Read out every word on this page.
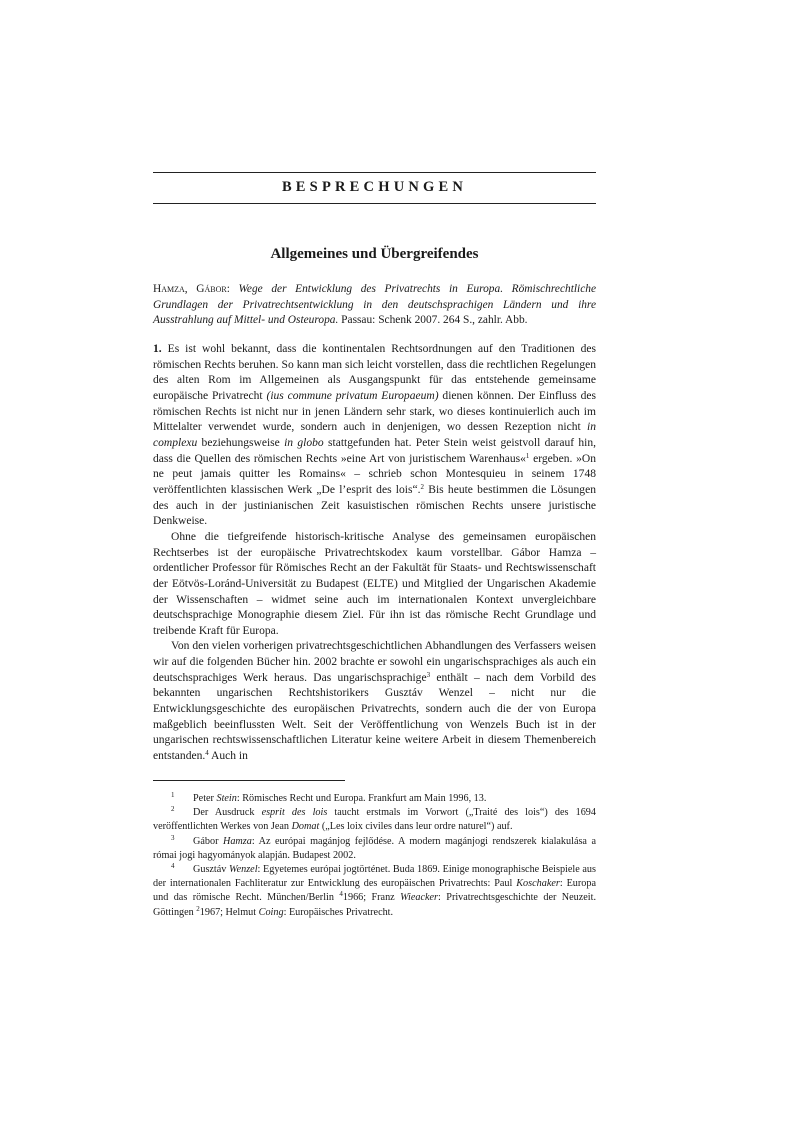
BESPRECHUNGEN
Allgemeines und Übergreifendes
Hamza, Gábor: Wege der Entwicklung des Privatrechts in Europa. Römischrechtliche Grundlagen der Privatrechtsentwicklung in den deutschsprachigen Ländern und ihre Ausstrahlung auf Mittel- und Osteuropa. Passau: Schenk 2007. 264 S., zahlr. Abb.

1. Es ist wohl bekannt, dass die kontinentalen Rechtsordnungen auf den Traditionen des römischen Rechts beruhen. So kann man sich leicht vorstellen, dass die rechtlichen Regelungen des alten Rom im Allgemeinen als Ausgangspunkt für das entstehende gemeinsame europäische Privatrecht (ius commune privatum Europaeum) dienen können. Der Einfluss des römischen Rechts ist nicht nur in jenen Ländern sehr stark, wo dieses kontinuierlich auch im Mittelalter verwendet wurde, sondern auch in denjenigen, wo dessen Rezeption nicht in complexu beziehungsweise in globo stattgefunden hat. Peter Stein weist geistvoll darauf hin, dass die Quellen des römischen Rechts »eine Art von juristischem Warenhaus«$^1$ ergeben. »On ne peut jamais quitter les Romains« – schrieb schon Montesquieu in seinem 1748 veröffentlichten klassischen Werk „De l’esprit des lois“.$^2$ Bis heute bestimmen die Lösungen des auch in der justinianischen Zeit kasuistischen römischen Rechts unsere juristische Denkweise.

Ohne die tiefgreifende historisch-kritische Analyse des gemeinsamen europäischen Rechtserbes ist der europäische Privatrechtskodex kaum vorstellbar. Gábor Hamza – ordentlicher Professor für Römisches Recht an der Fakultät für Staats- und Rechtswissenschaft der Eötvös-Loránd-Universität zu Budapest (ELTE) und Mitglied der Ungarischen Akademie der Wissenschaften – widmet seine auch im internationalen Kontext unvergleichbare deutschsprachige Monographie diesem Ziel. Für ihn ist das römische Recht Grundlage und treibende Kraft für Europa.

Von den vielen vorherigen privatrechtsgeschichtlichen Abhandlungen des Verfassers weisen wir auf die folgenden Bücher hin. 2002 brachte er sowohl ein ungarischsprachiges als auch ein deutschsprachiges Werk heraus. Das ungarischsprachige$^3$ enthält – nach dem Vorbild des bekannten ungarischen Rechtshistorikers Gusztáv Wenzel – nicht nur die Entwicklungsgeschichte des europäischen Privatrechts, sondern auch die der von Europa maßgeblich beeinflussten Welt. Seit der Veröffentlichung von Wenzels Buch ist in der ungarischen rechtswissenschaftlichen Literatur keine weitere Arbeit in diesem Themenbereich entstanden.$^4$ Auch in

$^1$ Peter Stein: Römisches Recht und Europa. Frankfurt am Main 1996, 13.

$^2$ Der Ausdruck esprit des lois taucht erstmals im Vorwort („Traité des lois“) des 1694 veröffentlichten Werkes von Jean Domat („Les loix civiles dans leur ordre naturel“) auf.

$^3$ Gábor Hamza: Az európai magánjog fejlődése. A modern magánjogi rendszerek kialakulása a római jogi hagyományok alapján. Budapest 2002.

$^4$ Gusztáv Wenzel: Egyetemes európai jogtörténet. Buda 1869. Einige monographische Beispiele aus der internationalen Fachliteratur zur Entwicklung des europäischen Privatrechts: Paul Koschaker: Europa und das römische Recht. München/Berlin $^4$1966; Franz Wieacker: Privatrechtsgeschichte der Neuzeit. Göttingen $^2$1967; Helmut Coing: Europäisches Privatrecht.
